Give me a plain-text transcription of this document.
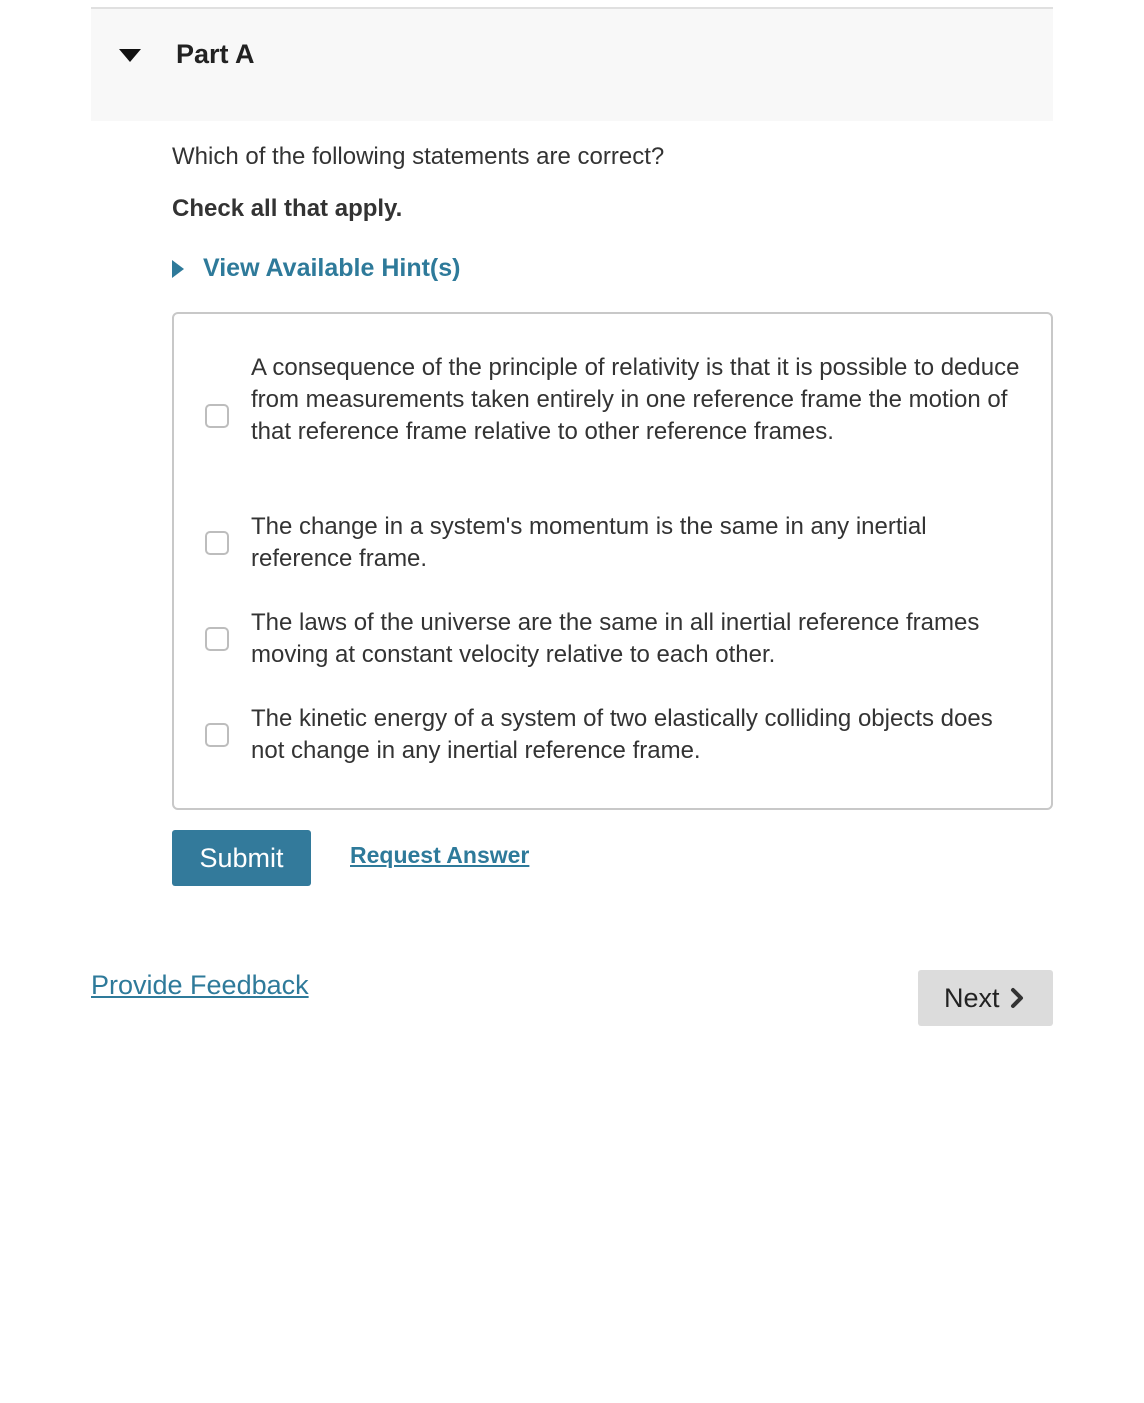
Part A
Which of the following statements are correct?
Check all that apply.
View Available Hint(s)
A consequence of the principle of relativity is that it is possible to deduce from measurements taken entirely in one reference frame the motion of that reference frame relative to other reference frames.
The change in a system's momentum is the same in any inertial reference frame.
The laws of the universe are the same in all inertial reference frames moving at constant velocity relative to each other.
The kinetic energy of a system of two elastically colliding objects does not change in any inertial reference frame.
Submit	Request Answer
Provide Feedback	Next
